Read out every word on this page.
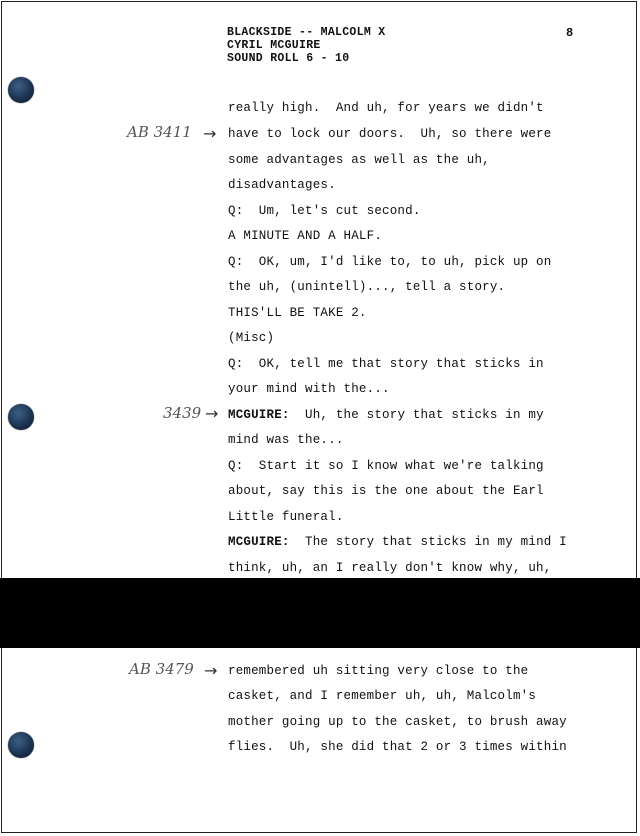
BLACKSIDE -- MALCOLM X
CYRIL MCGUIRE
SOUND ROLL 6 - 10
8
AB 3411 →
3439 →
AB 3479 →
really high.  And uh, for years we didn't
have to lock our doors.  Uh, so there were
some advantages as well as the uh,
disadvantages.
Q:  Um, let's cut second.
A MINUTE AND A HALF.
Q:  OK, um, I'd like to, to uh, pick up on
the uh, (unintell)..., tell a story.
THIS'LL BE TAKE 2.
(Misc)
Q:  OK, tell me that story that sticks in
your mind with the...
MCGUIRE:  Uh, the story that sticks in my
mind was the...
Q:  Start it so I know what we're talking
about, say this is the one about the Earl
Little funeral.
MCGUIRE:  The story that sticks in my mind I
think, uh, an I really don't know why, uh,
remembered uh sitting very close to the
casket, and I remember uh, uh, Malcolm's
mother going up to the casket, to brush away
flies.  Uh, she did that 2 or 3 times within
